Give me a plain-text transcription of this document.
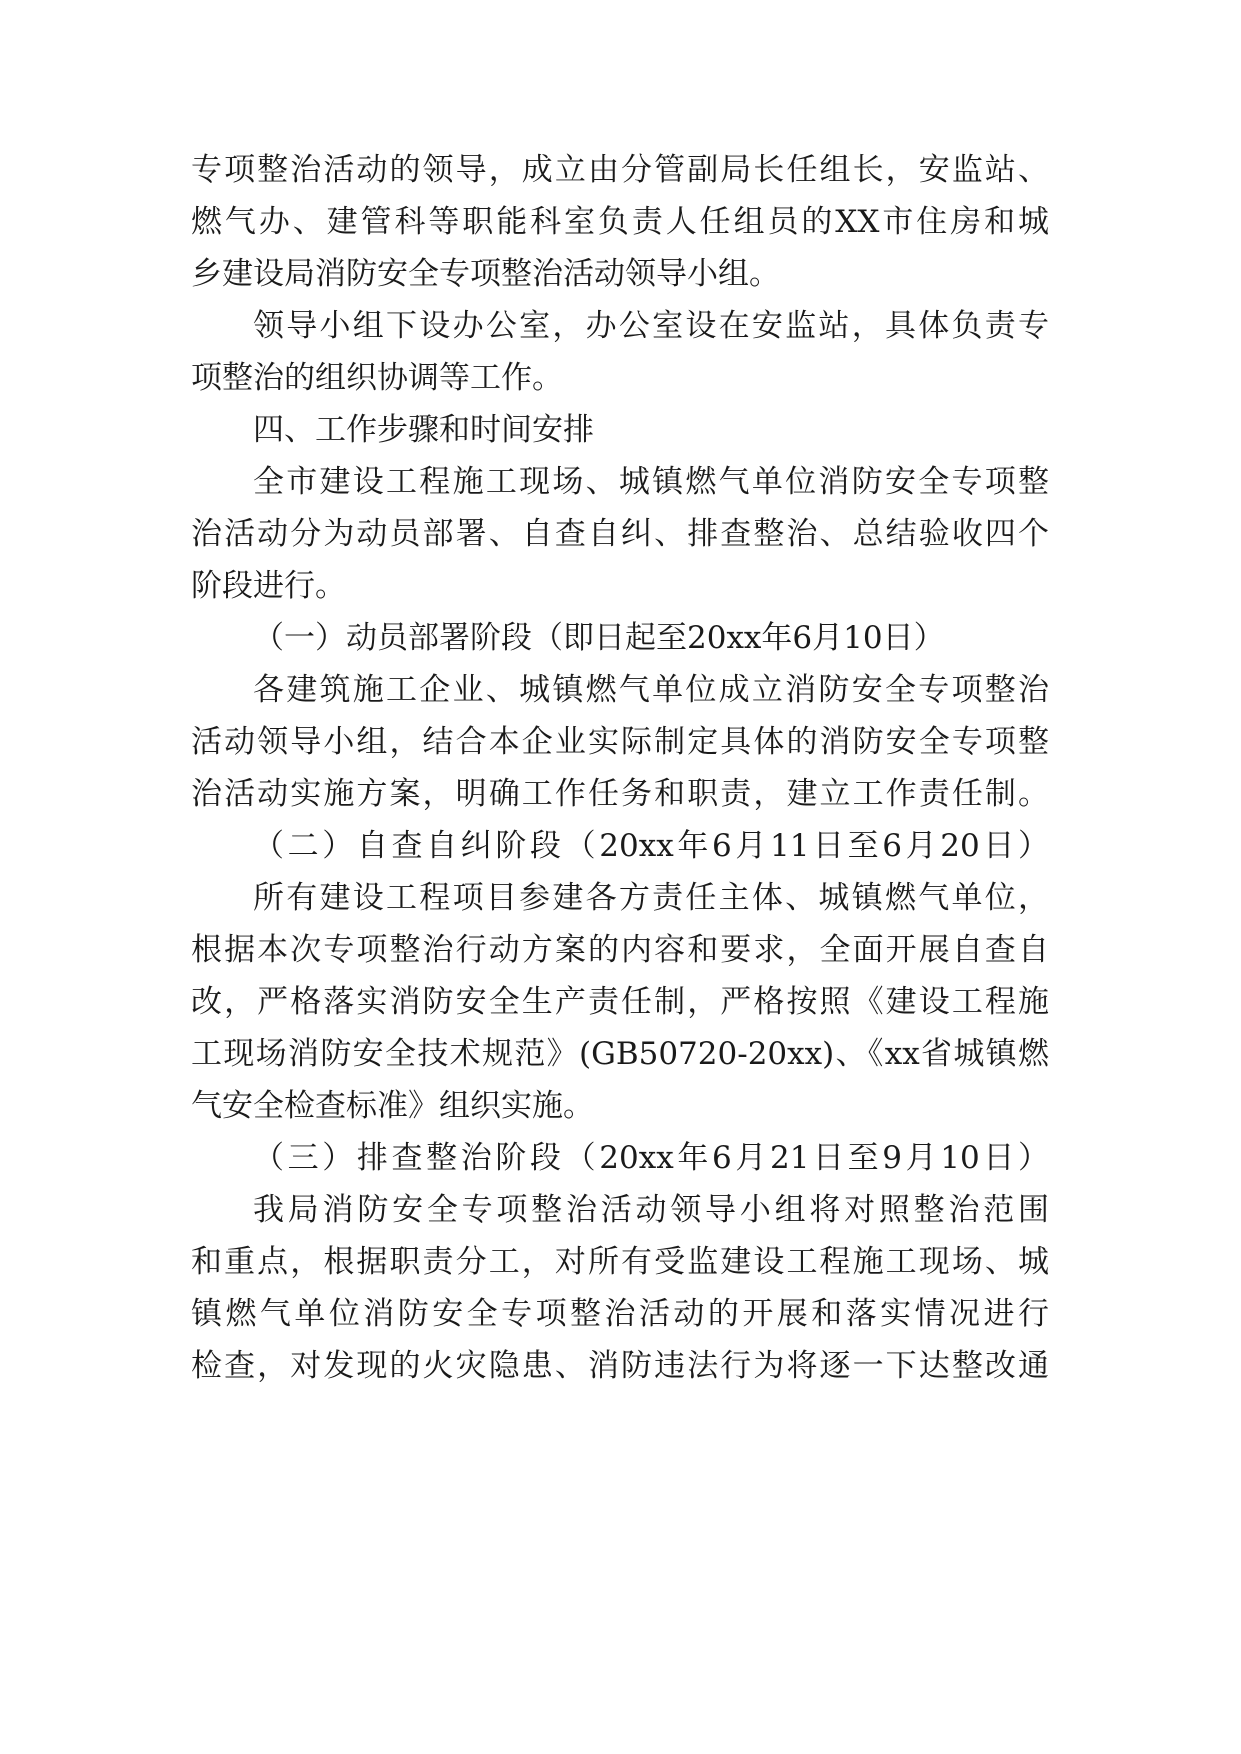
专项整治活动的领导，成立由分管副局长任组长，安监站、
燃气办、建管科等职能科室负责人任组员的XX市住房和城
乡建设局消防安全专项整治活动领导小组。
领导小组下设办公室，办公室设在安监站，具体负责专
项整治的组织协调等工作。
四、工作步骤和时间安排
全市建设工程施工现场、城镇燃气单位消防安全专项整
治活动分为动员部署、自查自纠、排查整治、总结验收四个
阶段进行。
（一）动员部署阶段（即日起至20xx年6月10日）
各建筑施工企业、城镇燃气单位成立消防安全专项整治
活动领导小组，结合本企业实际制定具体的消防安全专项整
治活动实施方案，明确工作任务和职责，建立工作责任制。
（二）自查自纠阶段（20xx年6月11日至6月20日）
所有建设工程项目参建各方责任主体、城镇燃气单位，
根据本次专项整治行动方案的内容和要求，全面开展自查自
改，严格落实消防安全生产责任制，严格按照《建设工程施
工现场消防安全技术规范》(GB50720-20xx)、《xx省城镇燃
气安全检查标准》组织实施。
（三）排查整治阶段（20xx年6月21日至9月10日）
我局消防安全专项整治活动领导小组将对照整治范围
和重点，根据职责分工，对所有受监建设工程施工现场、城
镇燃气单位消防安全专项整治活动的开展和落实情况进行
检查，对发现的火灾隐患、消防违法行为将逐一下达整改通
